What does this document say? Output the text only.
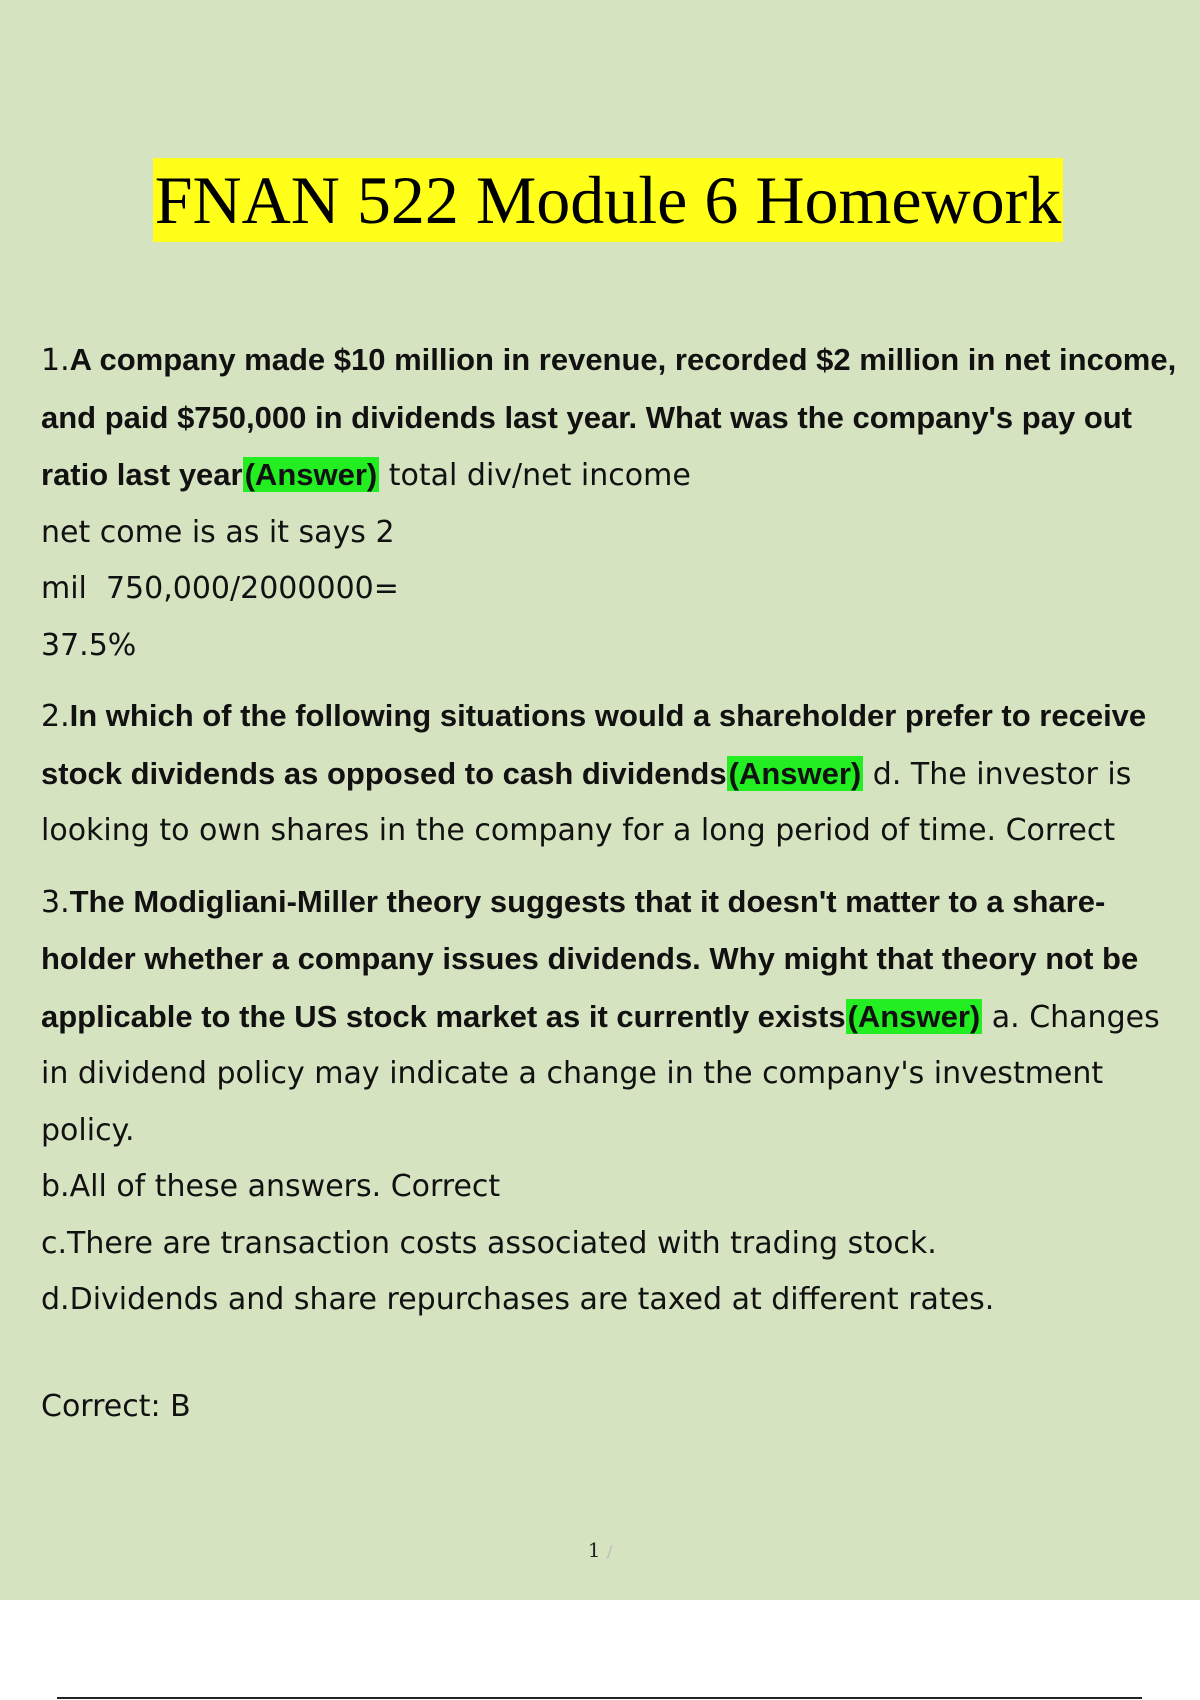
FNAN 522 Module 6 Homework
1.A company made $10 million in revenue, recorded $2 million in net income, and paid $750,000 in dividends last year. What was the company's pay out ratio last year(Answer) total div/net income
net come is as it says 2
mil  750,000/2000000=
37.5%
2.In which of the following situations would a shareholder prefer to receive stock dividends as opposed to cash dividends(Answer) d. The investor is looking to own shares in the company for a long period of time. Correct
3.The Modigliani-Miller theory suggests that it doesn't matter to a share-holder whether a company issues dividends. Why might that theory not be applicable to the US stock market as it currently exists(Answer) a. Changes in dividend policy may indicate a change in the company's investment policy.
b.All of these answers. Correct
c.There are transaction costs associated with trading stock.
d.Dividends and share repurchases are taxed at different rates.
Correct: B
1 /
